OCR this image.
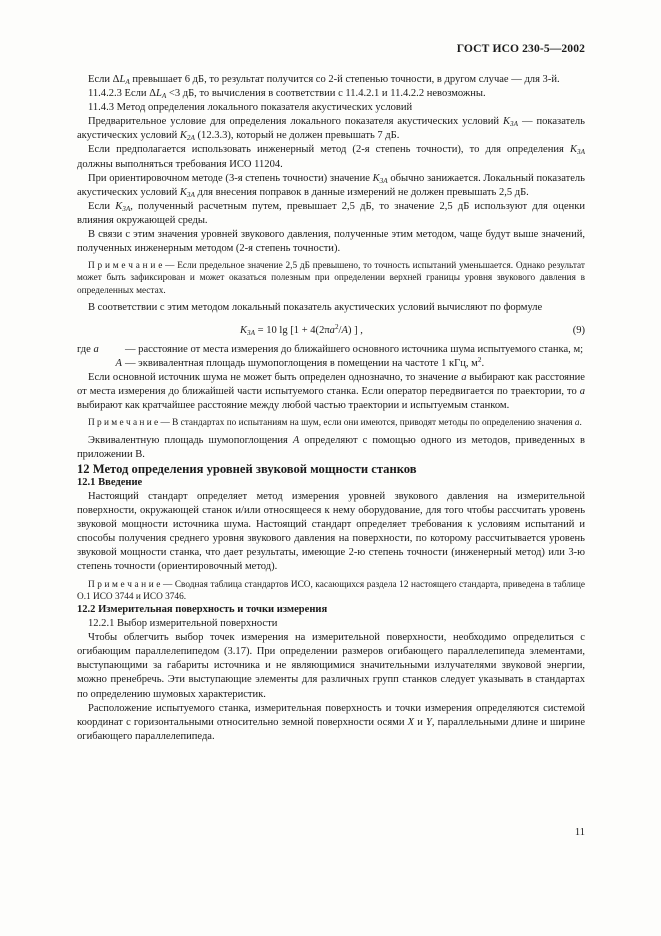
ГОСТ ИСО 230-5—2002

Если $\Delta L_A$ превышает 6 дБ, то результат получится со 2-й степенью точности, в другом случае — для 3-й.

11.4.2.3 Если $\Delta L_A <3$ дБ, то вычисления в соответствии с 11.4.2.1 и 11.4.2.2 невозможны.

11.4.3 Метод определения локального показателя акустических условий

Предварительное условие для определения локального показателя акустических условий $K_{3A}$ — показатель акустических условий $K_{2A}$ (12.3.3), который не должен превышать 7 дБ.

Если предполагается использовать инженерный метод (2-я степень точности), то для определения $K_{3A}$ должны выполняться требования ИСО 11204.

При ориентировочном методе (3-я степень точности) значение $K_{3A}$ обычно занижается. Локальный показатель акустических условий $K_{3A}$ для внесения поправок в данные измерений не должен превышать 2,5 дБ.

Если $K_{3A}$, полученный расчетным путем, превышает 2,5 дБ, то значение 2,5 дБ используют для оценки влияния окружающей среды.

В связи с этим значения уровней звукового давления, полученные этим методом, чаще будут выше значений, полученных инженерным методом (2-я степень точности).

П р и м е ч а н и е — Если предельное значение 2,5 дБ превышено, то точность испытаний уменьшается. Однако результат может быть зафиксирован и может оказаться полезным при определении верхней границы уровня звукового давления в определенных местах.

В соответствии с этим методом локальный показатель акустических условий вычисляют по формуле

$K_{3A} = 10$ $\lg [1 + 4(2\pi a^2/A)$ ] ,	(9)
где a	— расстояние от места измерения до ближайшего основного источника шума испытуемого станка, м;
A — эквивалентная площадь шумопоглощения в помещении на частоте 1 кГц, $м^2$.

Если основной источник шума не может быть определен однозначно, то значение a выбирают как расстояние от места измерения до ближайшей части испытуемого станка. Если оператор передвигается по траектории, то a выбирают как кратчайшее расстояние между любой частью траектории и испытуемым станком.

П р и м е ч а н и е — В стандартах по испытаниям на шум, если они имеются, приводят методы по определению значения a.

Эквивалентную площадь шумопоглощения A определяют с помощью одного из методов, приведенных в приложении В.

12 Метод определения уровней звуковой мощности станков

12.1 Введение

Настоящий стандарт определяет метод измерения уровней звукового давления на измерительной поверхности, окружающей станок и/или относящееся к нему оборудование, для того чтобы рассчитать уровень звуковой мощности источника шума. Настоящий стандарт определяет требования к условиям испытаний и способы получения среднего уровня звукового давления на поверхности, по которому рассчитывается уровень звуковой мощности станка, что дает результаты, имеющие 2-ю степень точности (инженерный метод) или 3-ю степень точности (ориентировочный метод).

П р и м е ч а н и е — Сводная таблица стандартов ИСО, касающихся раздела 12 настоящего стандарта, приведена в таблице О.1 ИСО 3744 и ИСО 3746.

12.2 Измерительная поверхность и точки измерения

12.2.1 Выбор измерительной поверхности

Чтобы облегчить выбор точек измерения на измерительной поверхности, необходимо определиться с огибающим параллелепипедом (3.17). При определении размеров огибающего параллелепипеда элементами, выступающими за габариты источника и не являющимися значительными излучателями звуковой энергии, можно пренебречь. Эти выступающие элементы для различных групп станков следует указывать в стандартах по определению шумовых характеристик.

Расположение испытуемого станка, измерительная поверхность и точки измерения определяются системой координат с горизонтальными относительно земной поверхности осями X и Y, параллельными длине и ширине огибающего параллелепипеда.

11
